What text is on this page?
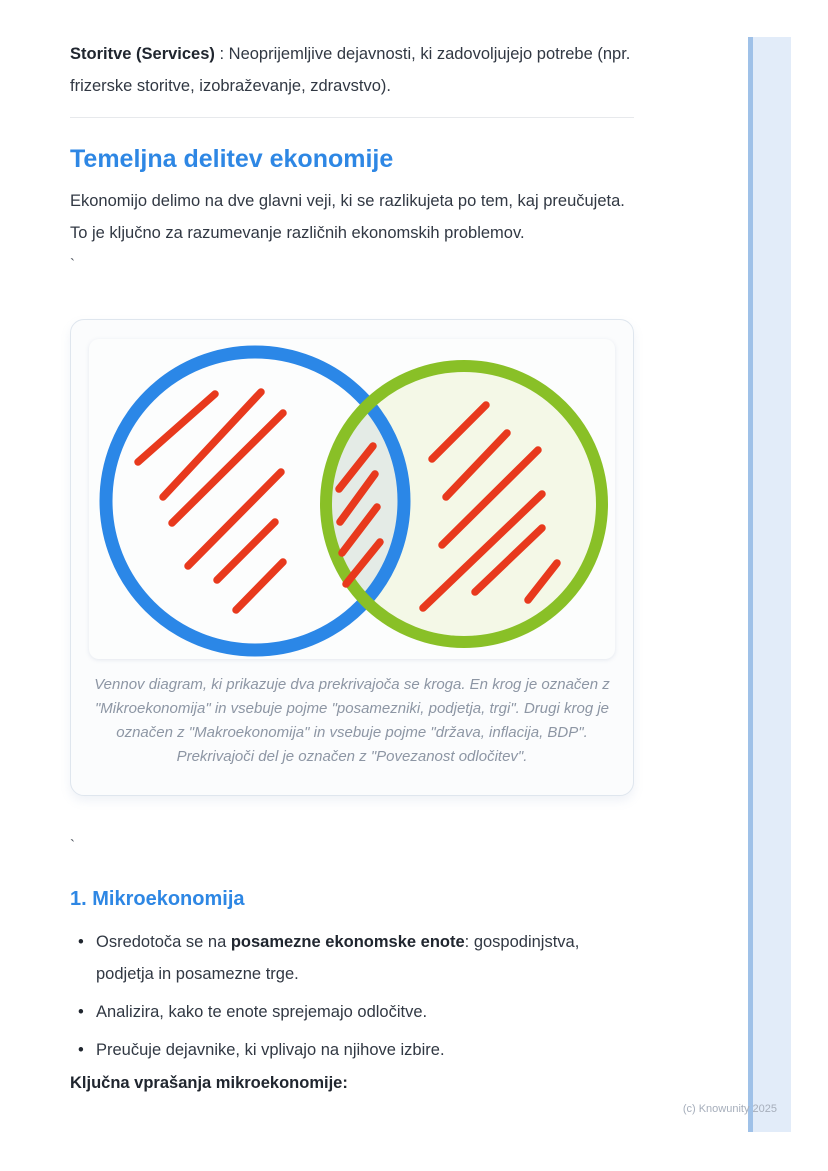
Storitve (Services) : Neoprijemljive dejavnosti, ki zadovoljujejo potrebe (npr. frizerske storitve, izobraževanje, zdravstvo).

Temeljna delitev ekonomije

Ekonomijo delimo na dve glavni veji, ki se razlikujeta po tem, kaj preučujeta. To je ključno za razumevanje različnih ekonomskih problemov.

`
Vennov diagram, ki prikazuje dva prekrivajoča se kroga. En krog je označen z "Mikroekonomija" in vsebuje pojme "posamezniki, podjetja, trgi". Drugi krog je označen z "Makroekonomija" in vsebuje pojme "država, inflacija, BDP". Prekrivajoči del je označen z "Povezanost odločitev".
`
1. Mikroekonomija
• Osredotoča se na posamezne ekonomske enote: gospodinjstva, podjetja in posamezne trge.
• Analizira, kako te enote sprejemajo odločitve.
• Preučuje dejavnike, ki vplivajo na njihove izbire.

Ključna vprašanja mikroekonomije:

(c) Knowunity 2025
